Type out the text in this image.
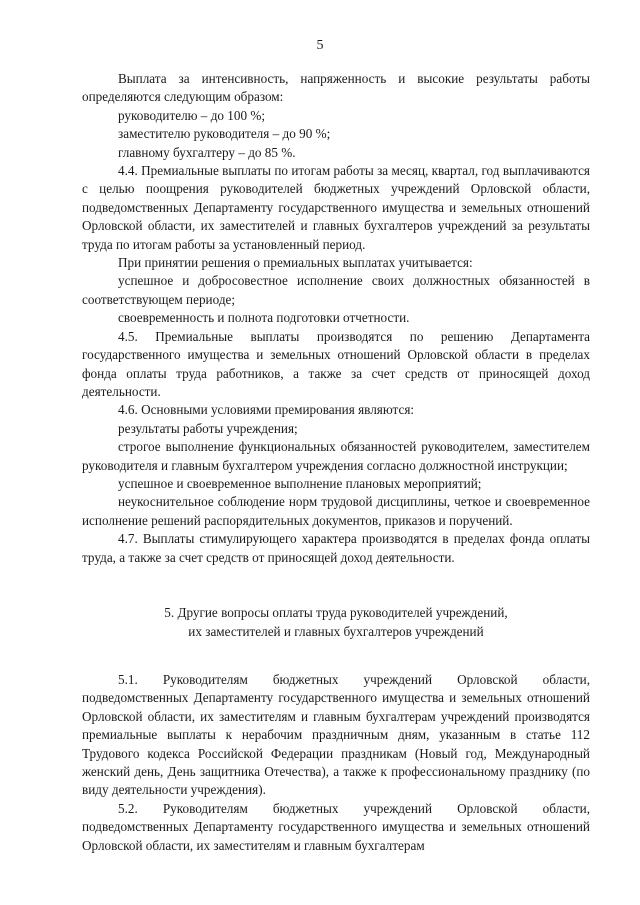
5

Выплата за интенсивность, напряженность и высокие результаты работы определяются следующим образом:

руководителю – до 100 %;

заместителю руководителя – до 90 %;

главному бухгалтеру – до 85 %.

4.4. Премиальные выплаты по итогам работы за месяц, квартал, год выплачиваются с целью поощрения руководителей бюджетных учреждений Орловской области, подведомственных Департаменту государственного имущества и земельных отношений Орловской области, их заместителей и главных бухгалтеров учреждений за результаты труда по итогам работы за установленный период.

При принятии решения о премиальных выплатах учитывается:

успешное и добросовестное исполнение своих должностных обязанностей в соответствующем периоде;

своевременность и полнота подготовки отчетности.

4.5. Премиальные выплаты производятся по решению Департамента государственного имущества и земельных отношений Орловской области в пределах фонда оплаты труда работников, а также за счет средств от приносящей доход деятельности.

4.6. Основными условиями премирования являются:

результаты работы учреждения;

строгое выполнение функциональных обязанностей руководителем, заместителем руководителя и главным бухгалтером учреждения согласно должностной инструкции;

успешное и своевременное выполнение плановых мероприятий;

неукоснительное соблюдение норм трудовой дисциплины, четкое и своевременное исполнение решений распорядительных документов, приказов и поручений.

4.7. Выплаты стимулирующего характера производятся в пределах фонда оплаты труда, а также за счет средств от приносящей доход деятельности.

5. Другие вопросы оплаты труда руководителей учреждений,
их заместителей и главных бухгалтеров учреждений

5.1. Руководителям бюджетных учреждений Орловской области, подведомственных Департаменту государственного имущества и земельных отношений Орловской области, их заместителям и главным бухгалтерам учреждений производятся премиальные выплаты к нерабочим праздничным дням, указанным в статье 112 Трудового кодекса Российской Федерации праздникам (Новый год, Международный женский день, День защитника Отечества), а также к профессиональному празднику (по виду деятельности учреждения).

5.2. Руководителям бюджетных учреждений Орловской области, подведомственных Департаменту государственного имущества и земельных отношений Орловской области, их заместителям и главным бухгалтерам
